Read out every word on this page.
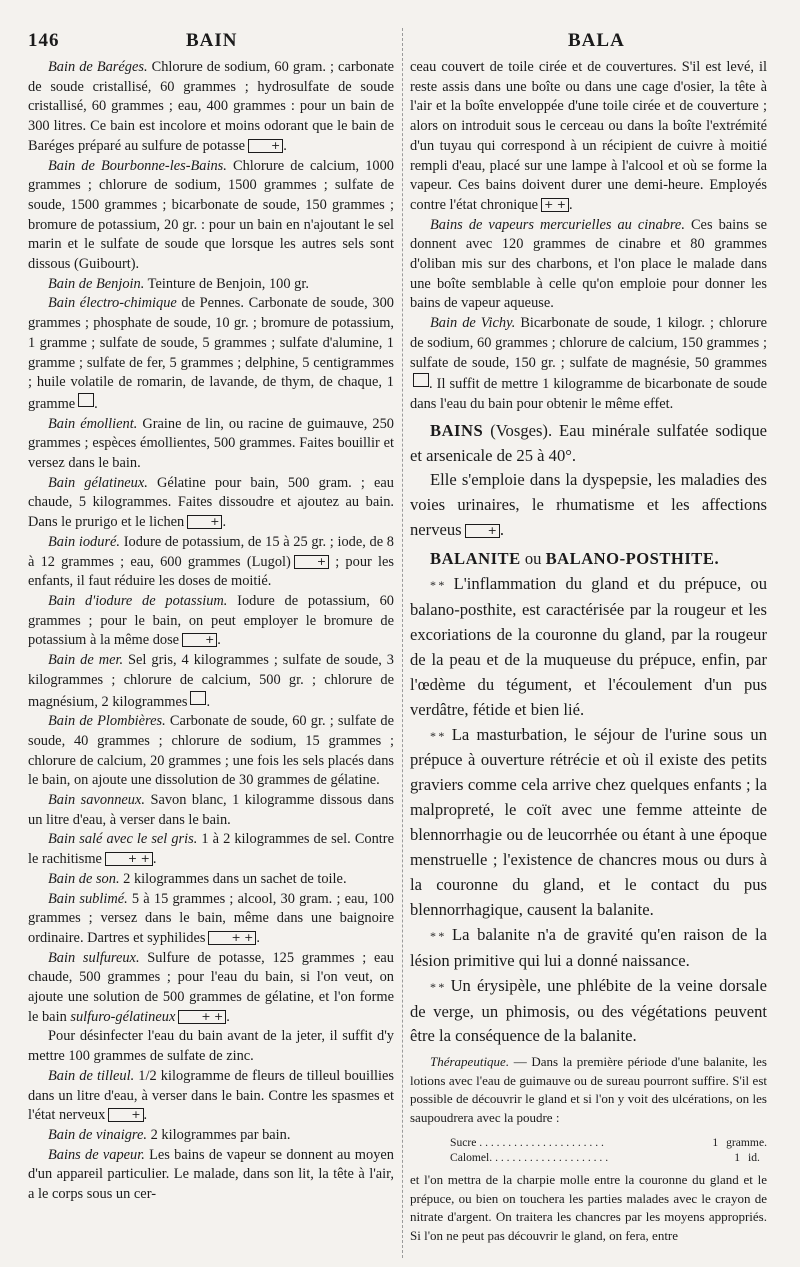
146	BAIN	BALA

Bain de Baréges. Chlorure de sodium, 60 gram. ; carbonate de soude cristallisé, 60 grammes ; hydrosulfate de soude cristallisé, 60 grammes ; eau, 400 grammes : pour un bain de 300 litres. Ce bain est incolore et moins odorant que le bain de Baréges préparé au sulfure de potasse + .

Bain de Bourbonne-les-Bains. Chlorure de calcium, 1000 grammes ; chlorure de sodium, 1500 grammes ; sulfate de soude, 1500 grammes ; bicarbonate de soude, 150 grammes ; bromure de potassium, 20 gr. : pour un bain en n'ajoutant le sel marin et le sulfate de soude que lorsque les autres sels sont dissous (Guibourt).

Bain de Benjoin. Teinture de Benjoin, 100 gr.

Bain électro-chimique de Pennes. Carbonate de soude, 300 grammes ; phosphate de soude, 10 gr. ; bromure de potassium, 1 gramme ; sulfate de soude, 5 grammes ; sulfate d'alumine, 1 gramme ; sulfate de fer, 5 grammes ; delphine, 5 centigrammes ; huile volatile de romarin, de lavande, de thym, de chaque, 1 gramme .

Bain émollient. Graine de lin, ou racine de guimauve, 250 grammes ; espèces émollientes, 500 grammes. Faites bouillir et versez dans le bain.

Bain gélatineux. Gélatine pour bain, 500 gram. ; eau chaude, 5 kilogrammes. Faites dissoudre et ajoutez au bain. Dans le prurigo et le lichen + .

Bain ioduré. Iodure de potassium, de 15 à 25 gr. ; iode, de 8 à 12 grammes ; eau, 600 grammes (Lugol) + ; pour les enfants, il faut réduire les doses de moitié.

Bain d'iodure de potassium. Iodure de potassium, 60 grammes ; pour le bain, on peut employer le bromure de potassium à la même dose + .

Bain de mer. Sel gris, 4 kilogrammes ; sulfate de soude, 3 kilogrammes ; chlorure de calcium, 500 gr. ; chlorure de magnésium, 2 kilogrammes .

Bain de Plombières. Carbonate de soude, 60 gr. ; sulfate de soude, 40 grammes ; chlorure de sodium, 15 grammes ; chlorure de calcium, 20 grammes ; une fois les sels placés dans le bain, on ajoute une dissolution de 30 grammes de gélatine.

Bain savonneux. Savon blanc, 1 kilogramme dissous dans un litre d'eau, à verser dans le bain.

Bain salé avec le sel gris. 1 à 2 kilogrammes de sel. Contre le rachitisme + + .

Bain de son. 2 kilogrammes dans un sachet de toile.

Bain sublimé. 5 à 15 grammes ; alcool, 30 gram. ; eau, 100 grammes ; versez dans le bain, même dans une baignoire ordinaire. Dartres et syphilides + + .

Bain sulfureux. Sulfure de potasse, 125 grammes ; eau chaude, 500 grammes ; pour l'eau du bain, si l'on veut, on ajoute une solution de 500 grammes de gélatine, et l'on forme le bain sulfuro-gélatineux + + .

Pour désinfecter l'eau du bain avant de la jeter, il suffit d'y mettre 100 grammes de sulfate de zinc.

Bain de tilleul. 1/2 kilogramme de fleurs de tilleul bouillies dans un litre d'eau, à verser dans le bain. Contre les spasmes et l'état nerveux + .

Bain de vinaigre. 2 kilogrammes par bain.

Bains de vapeur. Les bains de vapeur se donnent au moyen d'un appareil particulier. Le malade, dans son lit, la tête à l'air, a le corps sous un cer-

ceau couvert de toile cirée et de couvertures. S'il est levé, il reste assis dans une boîte ou dans une cage d'osier, la tête à l'air et la boîte enveloppée d'une toile cirée et de couverture ; alors on introduit sous le cerceau ou dans la boîte l'extrémité d'un tuyau qui correspond à un récipient de cuivre à moitié rempli d'eau, placé sur une lampe à l'alcool et où se forme la vapeur. Ces bains doivent durer une demi-heure. Employés contre l'état chronique + + .

Bains de vapeurs mercurielles au cinabre. Ces bains se donnent avec 120 grammes de cinabre et 80 grammes d'oliban mis sur des charbons, et l'on place le malade dans une boîte semblable à celle qu'on emploie pour donner les bains de vapeur aqueuse.

Bain de Vichy. Bicarbonate de soude, 1 kilogr. ; chlorure de sodium, 60 grammes ; chlorure de calcium, 150 grammes ; sulfate de soude, 150 gr. ; sulfate de magnésie, 50 grammes. Il suffit de mettre 1 kilogramme de bicarbonate de soude dans l'eau du bain pour obtenir le même effet.

BAINS (Vosges). Eau minérale sulfatée sodique et arsenicale de 25 à 40°.

Elle s'emploie dans la dyspepsie, les maladies des voies urinaires, le rhumatisme et les affections nerveus + .

BALANITE ou BALANO-POSTHITE.

* * L'inflammation du gland et du prépuce, ou balano-posthite, est caractérisée par la rougeur et les excoriations de la couronne du gland, par la rougeur de la peau et de la muqueuse du prépuce, enfin, par l'œdème du tégument, et l'écoulement d'un pus verdâtre, fétide et bien lié.

* * La masturbation, le séjour de l'urine sous un prépuce à ouverture rétrécie et où il existe des petits graviers comme cela arrive chez quelques enfants ; la malpropreté, le coït avec une femme atteinte de blennorrhagie ou de leucorrhée ou étant à une époque menstruelle ; l'existence de chancres mous ou durs à la couronne du gland, et le contact du pus blennorrhagique, causent la balanite.

* * La balanite n'a de gravité qu'en raison de la lésion primitive qui lui a donné naissance.

* * Un érysipèle, une phlébite de la veine dorsale de verge, un phimosis, ou des végétations peuvent être la conséquence de la balanite.

Thérapeutique. — Dans la première période d'une balanite, les lotions avec l'eau de guimauve ou de sureau pourront suffire. S'il est possible de découvrir le gland et si l'on y voit des ulcérations, on les saupoudrera avec la poudre :

Sucre . . . . . . . . . . . . . . . . . . . . . .	1 gramme.
Calomel. . . . . . . . . . . . . . . . . . . . .	1 id.

et l'on mettra de la charpie molle entre la couronne du gland et le prépuce, ou bien on touchera les parties malades avec le crayon de nitrate d'argent. On traitera les chancres par les moyens appropriés. Si l'on ne peut pas découvrir le gland, on fera, entre
